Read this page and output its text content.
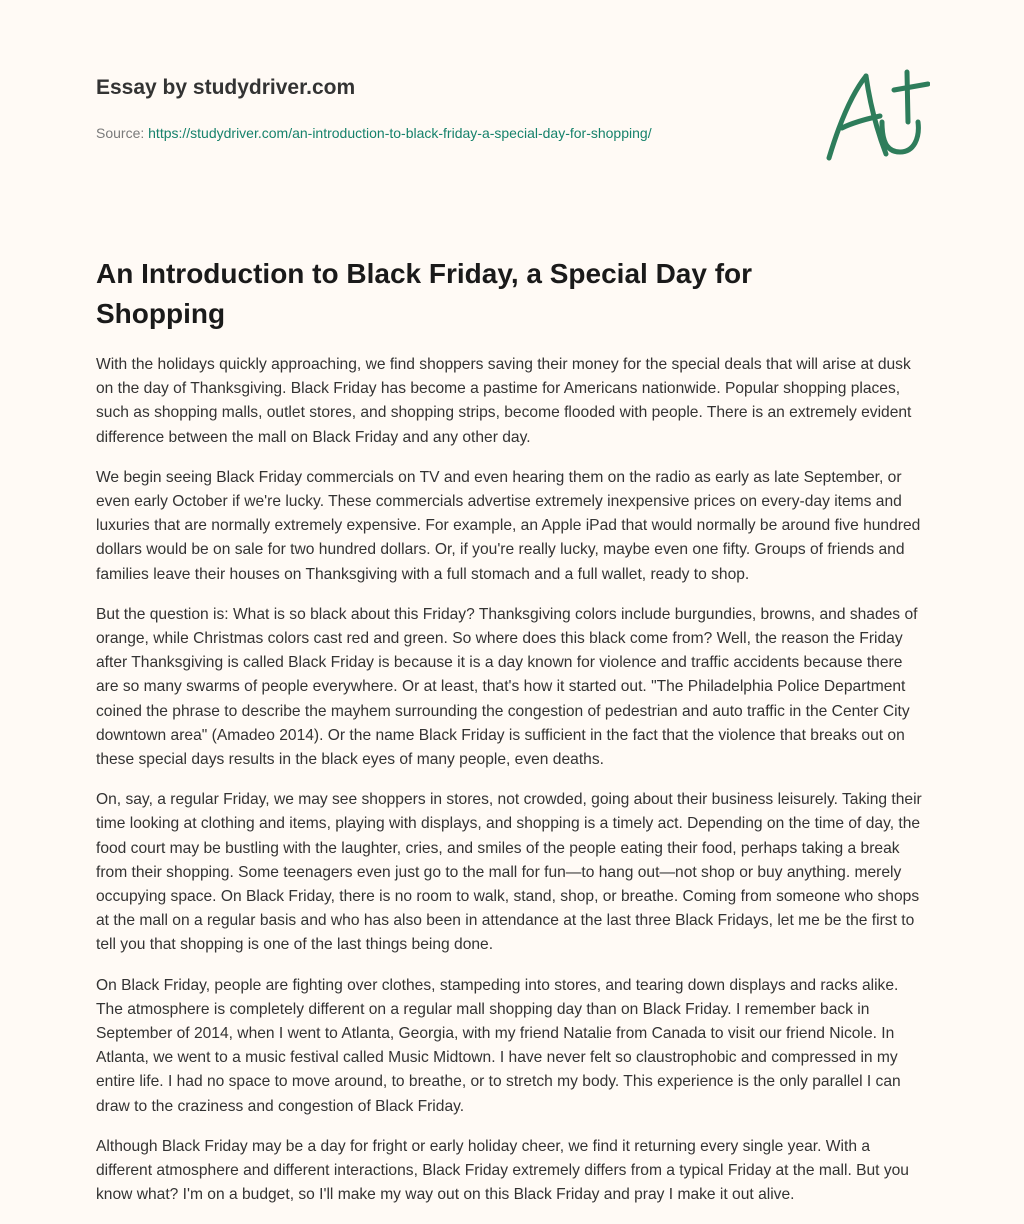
Essay by studydriver.com
Source: https://studydriver.com/an-introduction-to-black-friday-a-special-day-for-shopping/
An Introduction to Black Friday, a Special Day for Shopping

With the holidays quickly approaching, we find shoppers saving their money for the special deals that will arise at dusk on the day of Thanksgiving. Black Friday has become a pastime for Americans nationwide. Popular shopping places, such as shopping malls, outlet stores, and shopping strips, become flooded with people. There is an extremely evident difference between the mall on Black Friday and any other day.

We begin seeing Black Friday commercials on TV and even hearing them on the radio as early as late September, or even early October if we're lucky. These commercials advertise extremely inexpensive prices on every-day items and luxuries that are normally extremely expensive. For example, an Apple iPad that would normally be around five hundred dollars would be on sale for two hundred dollars. Or, if you're really lucky, maybe even one fifty. Groups of friends and families leave their houses on Thanksgiving with a full stomach and a full wallet, ready to shop.

But the question is: What is so black about this Friday? Thanksgiving colors include burgundies, browns, and shades of orange, while Christmas colors cast red and green. So where does this black come from? Well, the reason the Friday after Thanksgiving is called Black Friday is because it is a day known for violence and traffic accidents because there are so many swarms of people everywhere. Or at least, that's how it started out. "The Philadelphia Police Department coined the phrase to describe the mayhem surrounding the congestion of pedestrian and auto traffic in the Center City downtown area" (Amadeo 2014). Or the name Black Friday is sufficient in the fact that the violence that breaks out on these special days results in the black eyes of many people, even deaths.

On, say, a regular Friday, we may see shoppers in stores, not crowded, going about their business leisurely. Taking their time looking at clothing and items, playing with displays, and shopping is a timely act. Depending on the time of day, the food court may be bustling with the laughter, cries, and smiles of the people eating their food, perhaps taking a break from their shopping. Some teenagers even just go to the mall for fun—to hang out—not shop or buy anything. merely occupying space. On Black Friday, there is no room to walk, stand, shop, or breathe. Coming from someone who shops at the mall on a regular basis and who has also been in attendance at the last three Black Fridays, let me be the first to tell you that shopping is one of the last things being done.

On Black Friday, people are fighting over clothes, stampeding into stores, and tearing down displays and racks alike. The atmosphere is completely different on a regular mall shopping day than on Black Friday. I remember back in September of 2014, when I went to Atlanta, Georgia, with my friend Natalie from Canada to visit our friend Nicole. In Atlanta, we went to a music festival called Music Midtown. I have never felt so claustrophobic and compressed in my entire life. I had no space to move around, to breathe, or to stretch my body. This experience is the only parallel I can draw to the craziness and congestion of Black Friday.

Although Black Friday may be a day for fright or early holiday cheer, we find it returning every single year. With a different atmosphere and different interactions, Black Friday extremely differs from a typical Friday at the mall. But you know what? I'm on a budget, so I'll make my way out on this Black Friday and pray I make it out alive.
